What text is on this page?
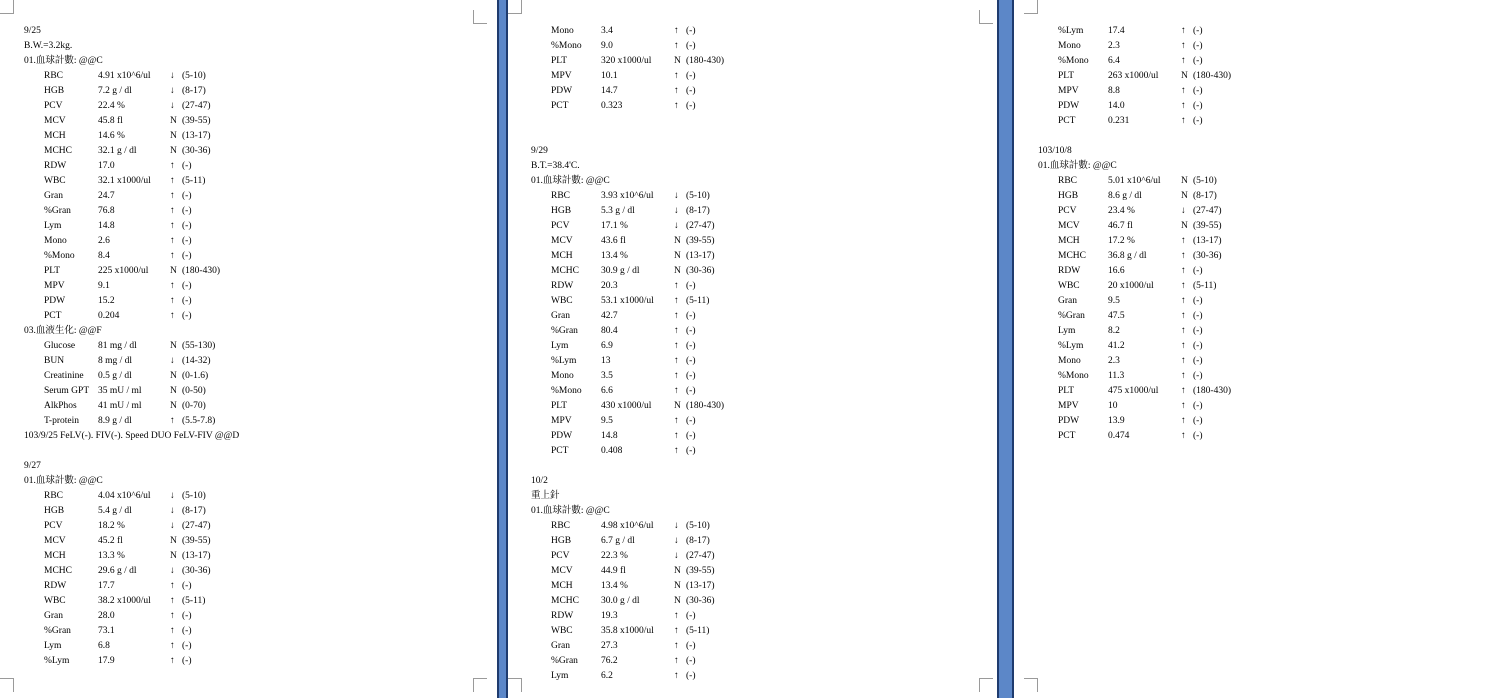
9/25
B.W.=3.2kg.
01.血球計數: @@C
RBC	4.91 x10^6/ul ↓ (5-10)
HGB	7.2 g / dl	↓ (8-17)
PCV	22.4 %	↓ (27-47)
MCV	45.8 fl	N (39-55)
MCH	14.6 %	N (13-17)
MCHC	32.1 g / dl	N (30-36)
RDW	17.0	↑ (-)
WBC	32.1 x1000/ul ↑ (5-11)
Gran	24.7	↑ (-)
%Gran	76.8	↑ (-)
Lym	14.8	↑ (-)
Mono	2.6	↑ (-)
%Mono 8.4	↑ (-)
PLT	225 x1000/ul N (180-430)
MPV	9.1	↑ (-)
PDW	15.2	↑ (-)
PCT	0.204	↑ (-)
03.血液生化: @@F
Glucose 81 mg / dl	N (55-130)
BUN	8 mg / dl	↓ (14-32)
Creatinine 0.5 g / dl	N (0-1.6)
Serum GPT 35 mU / ml	N (0-50)
AlkPhos 41 mU / ml	N (0-70)
T-protein 8.9 g / dl	↑ (5.5-7.8)
103/9/25 FeLV(-). FIV(-). Speed DUO FeLV-FIV @@D
9/27
01.血球計數: @@C
RBC	4.04 x10^6/ul ↓ (5-10)
HGB	5.4 g / dl	↓ (8-17)
PCV	18.2 %	↓ (27-47)
MCV	45.2 fl	N (39-55)
MCH	13.3 %	N (13-17)
MCHC	29.6 g / dl	↓ (30-36)
RDW	17.7	↑ (-)
WBC	38.2 x1000/ul ↑ (5-11)
Gran	28.0	↑ (-)
%Gran	73.1	↑ (-)
Lym	6.8	↑ (-)
%Lym	17.9	↑ (-)
Mono	3.4	↑ (-)
%Mono 9.0	↑ (-)
PLT	320 x1000/ul N (180-430)
MPV	10.1	↑ (-)
PDW	14.7	↑ (-)
PCT	0.323	↑ (-)
9/29
B.T.=38.4'C.
01.血球計數: @@C
RBC	3.93 x10^6/ul ↓ (5-10)
HGB	5.3 g / dl	↓ (8-17)
PCV	17.1 %	↓ (27-47)
MCV	43.6 fl	N (39-55)
MCH	13.4 %	N (13-17)
MCHC 30.9 g / dl	N (30-36)
RDW	20.3	↑ (-)
WBC	53.1 x1000/ul ↑ (5-11)
Gran	42.7	↑ (-)
%Gran 80.4	↑ (-)
Lym	6.9	↑ (-)
%Lym	13	↑ (-)
Mono	3.5	↑ (-)
%Mono 6.6	↑ (-)
PLT	430 x1000/ul N (180-430)
MPV	9.5	↑ (-)
PDW	14.8	↑ (-)
PCT	0.408	↑ (-)
10/2
重上針
01.血球計數: @@C
RBC	4.98 x10^6/ul ↓ (5-10)
HGB	6.7 g / dl	↓ (8-17)
PCV	22.3 %	↓ (27-47)
MCV	44.9 fl	N (39-55)
MCH	13.4 %	N (13-17)
MCHC 30.0 g / dl	N (30-36)
RDW	19.3	↑ (-)
WBC	35.8 x1000/ul ↑ (5-11)
Gran	27.3	↑ (-)
%Gran 76.2	↑ (-)
Lym	6.2	↑ (-)
%Lym	17.4	↑ (-)
Mono	2.3	↑ (-)
%Mono 6.4	↑ (-)
PLT	263 x1000/ul N (180-430)
MPV	8.8	↑ (-)
PDW	14.0	↑ (-)
PCT	0.231	↑ (-)
103/10/8
01.血球計數: @@C
RBC	5.01 x10^6/ul N (5-10)
HGB	8.6 g / dl	N (8-17)
PCV	23.4 %	↓ (27-47)
MCV	46.7 fl	N (39-55)
MCH	17.2 %	↑ (13-17)
MCHC 36.8 g / dl	↑ (30-36)
RDW	16.6	↑ (-)
WBC	20 x1000/ul	↑ (5-11)
Gran	9.5	↑ (-)
%Gran 47.5	↑ (-)
Lym	8.2	↑ (-)
%Lym	41.2	↑ (-)
Mono	2.3	↑ (-)
%Mono 11.3	↑ (-)
PLT	475 x1000/ul ↑ (180-430)
MPV	10	↑ (-)
PDW	13.9	↑ (-)
PCT	0.474	↑ (-)
